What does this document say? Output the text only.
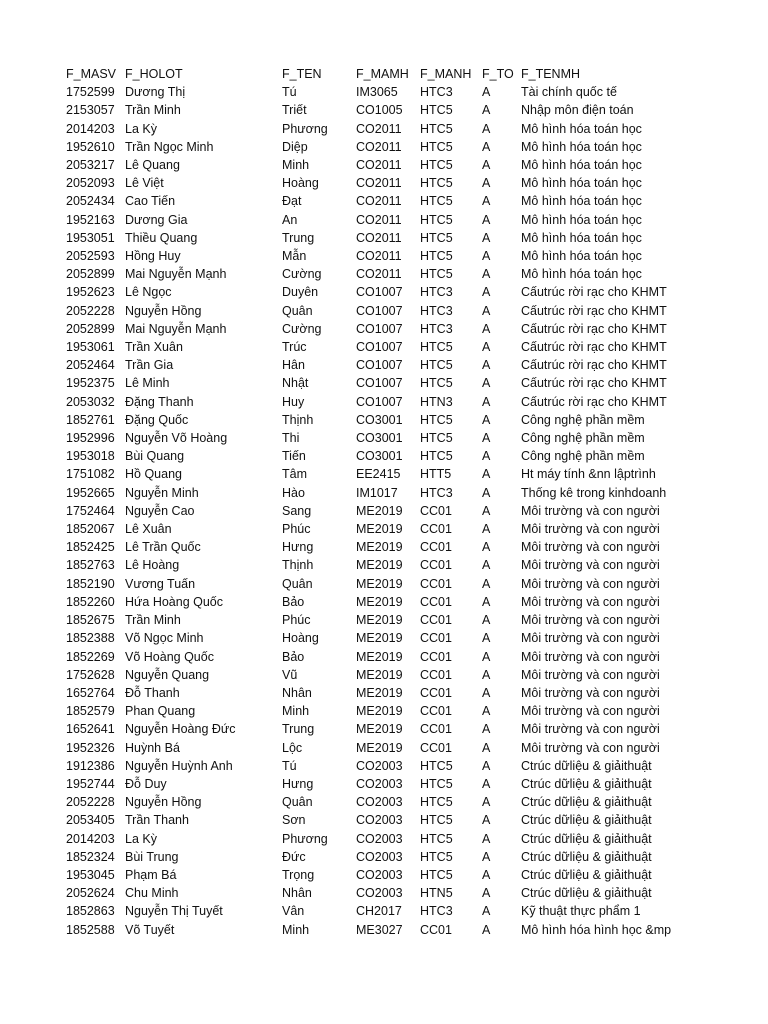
F_MASV	F_HOLOT	F_TEN	F_MAMH	F_MANH	F_TO	F_TENMH
1752599	Dương Thị	Tú	IM3065	HTC3	A	Tài chính quốc tế
2153057	Trần Minh	Triết	CO1005	HTC5	A	Nhập môn điện toán
2014203	La Kỳ	Phương	CO2011	HTC5	A	Mô hình hóa toán học
1952610	Trần Ngọc Minh	Diệp	CO2011	HTC5	A	Mô hình hóa toán học
2053217	Lê Quang	Minh	CO2011	HTC5	A	Mô hình hóa toán học
2052093	Lê Việt	Hoàng	CO2011	HTC5	A	Mô hình hóa toán học
2052434	Cao Tiến	Đạt	CO2011	HTC5	A	Mô hình hóa toán học
1952163	Dương Gia	An	CO2011	HTC5	A	Mô hình hóa toán học
1953051	Thiều Quang	Trung	CO2011	HTC5	A	Mô hình hóa toán học
2052593	Hồng Huy	Mẫn	CO2011	HTC5	A	Mô hình hóa toán học
2052899	Mai Nguyễn Mạnh	Cường	CO2011	HTC5	A	Mô hình hóa toán học
1952623	Lê Ngọc	Duyên	CO1007	HTC3	A	Cấutrúc rời rạc cho KHMT
2052228	Nguyễn Hồng	Quân	CO1007	HTC3	A	Cấutrúc rời rạc cho KHMT
2052899	Mai Nguyễn Mạnh	Cường	CO1007	HTC3	A	Cấutrúc rời rạc cho KHMT
1953061	Trần Xuân	Trúc	CO1007	HTC5	A	Cấutrúc rời rạc cho KHMT
2052464	Trần Gia	Hân	CO1007	HTC5	A	Cấutrúc rời rạc cho KHMT
1952375	Lê Minh	Nhật	CO1007	HTC5	A	Cấutrúc rời rạc cho KHMT
2053032	Đặng Thanh	Huy	CO1007	HTN3	A	Cấutrúc rời rạc cho KHMT
1852761	Đặng Quốc	Thịnh	CO3001	HTC5	A	Công nghệ phần mềm
1952996	Nguyễn Võ Hoàng	Thi	CO3001	HTC5	A	Công nghệ phần mềm
1953018	Bùi Quang	Tiến	CO3001	HTC5	A	Công nghệ phần mềm
1751082	Hồ Quang	Tâm	EE2415	HTT5	A	Ht máy tính &nn lậptrình
1952665	Nguyễn Minh	Hào	IM1017	HTC3	A	Thống kê trong kinhdoanh
1752464	Nguyễn Cao	Sang	ME2019	CC01	A	Môi trường và con người
1852067	Lê Xuân	Phúc	ME2019	CC01	A	Môi trường và con người
1852425	Lê Trần Quốc	Hưng	ME2019	CC01	A	Môi trường và con người
1852763	Lê Hoàng	Thịnh	ME2019	CC01	A	Môi trường và con người
1852190	Vương Tuấn	Quân	ME2019	CC01	A	Môi trường và con người
1852260	Hứa Hoàng Quốc	Bảo	ME2019	CC01	A	Môi trường và con người
1852675	Trần Minh	Phúc	ME2019	CC01	A	Môi trường và con người
1852388	Võ Ngọc Minh	Hoàng	ME2019	CC01	A	Môi trường và con người
1852269	Võ Hoàng Quốc	Bảo	ME2019	CC01	A	Môi trường và con người
1752628	Nguyễn Quang	Vũ	ME2019	CC01	A	Môi trường và con người
1652764	Đỗ Thanh	Nhân	ME2019	CC01	A	Môi trường và con người
1852579	Phan Quang	Minh	ME2019	CC01	A	Môi trường và con người
1652641	Nguyễn Hoàng Đức	Trung	ME2019	CC01	A	Môi trường và con người
1952326	Huỳnh Bá	Lộc	ME2019	CC01	A	Môi trường và con người
1912386	Nguyễn Huỳnh Anh	Tú	CO2003	HTC5	A	Ctrúc dữliệu & giảithuật
1952744	Đỗ Duy	Hưng	CO2003	HTC5	A	Ctrúc dữliệu & giảithuật
2052228	Nguyễn Hồng	Quân	CO2003	HTC5	A	Ctrúc dữliệu & giảithuật
2053405	Trần Thanh	Sơn	CO2003	HTC5	A	Ctrúc dữliệu & giảithuật
2014203	La Kỳ	Phương	CO2003	HTC5	A	Ctrúc dữliệu & giảithuật
1852324	Bùi Trung	Đức	CO2003	HTC5	A	Ctrúc dữliệu & giảithuật
1953045	Phạm Bá	Trọng	CO2003	HTC5	A	Ctrúc dữliệu & giảithuật
2052624	Chu Minh	Nhân	CO2003	HTN5	A	Ctrúc dữliệu & giảithuật
1852863	Nguyễn Thị Tuyết	Vân	CH2017	HTC3	A	Kỹ thuật thực phẩm 1
1852588	Võ Tuyết	Minh	ME3027	CC01	A	Mô hình hóa hình học &mp
